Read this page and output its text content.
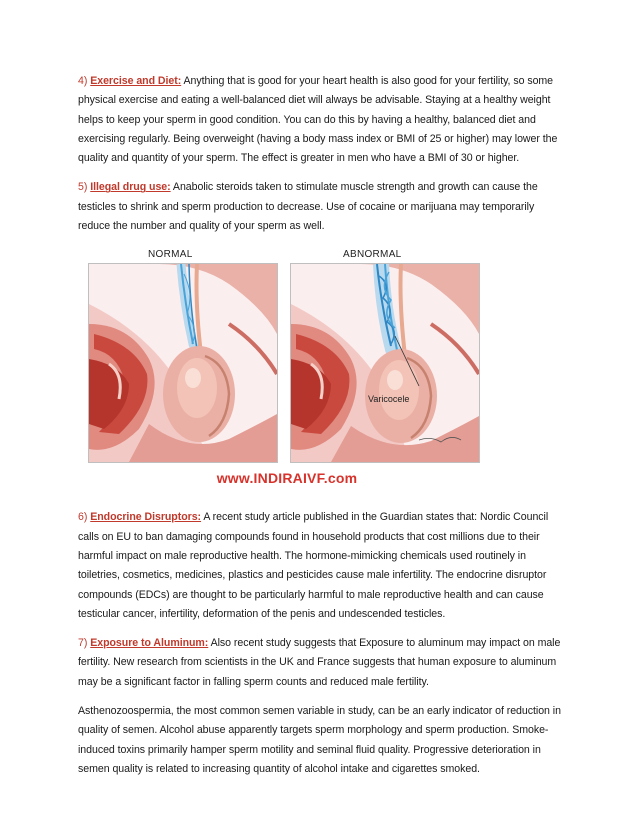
4) Exercise and Diet: Anything that is good for your heart health is also good for your fertility, so some physical exercise and eating a well-balanced diet will always be advisable. Staying at a healthy weight helps to keep your sperm in good condition. You can do this by having a healthy, balanced diet and exercising regularly. Being overweight (having a body mass index or BMI of 25 or higher) may lower the quality and quantity of your sperm. The effect is greater in men who have a BMI of 30 or higher.

5) Illegal drug use: Anabolic steroids taken to stimulate muscle strength and growth can cause the testicles to shrink and sperm production to decrease. Use of cocaine or marijuana may temporarily reduce the number and quality of your sperm as well.

NORMAL	ABNORMAL
Varicocele
www.INDIRAIVF.com

6) Endocrine Disruptors: A recent study article published in the Guardian states that: Nordic Council calls on EU to ban damaging compounds found in household products that cost millions due to their harmful impact on male reproductive health. The hormone-mimicking chemicals used routinely in toiletries, cosmetics, medicines, plastics and pesticides cause male infertility. The endocrine disruptor compounds (EDCs) are thought to be particularly harmful to male reproductive health and can cause testicular cancer, infertility, deformation of the penis and undescended testicles.

7) Exposure to Aluminum: Also recent study suggests that Exposure to aluminum may impact on male fertility. New research from scientists in the UK and France suggests that human exposure to aluminum may be a significant factor in falling sperm counts and reduced male fertility.

Asthenozoospermia, the most common semen variable in study, can be an early indicator of reduction in quality of semen. Alcohol abuse apparently targets sperm morphology and sperm production. Smoke-induced toxins primarily hamper sperm motility and seminal fluid quality. Progressive deterioration in semen quality is related to increasing quantity of alcohol intake and cigarettes smoked.
